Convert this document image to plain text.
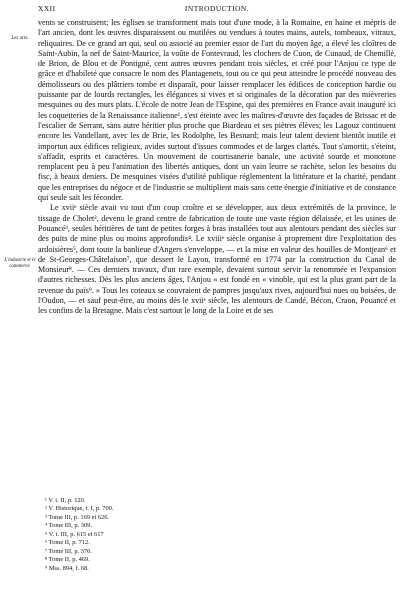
XXII	INTRODUCTION.
Les arts.
L'industrie et le commerce.

vents se construisent; les églises se transforment mais tout d'une mode, à la Romaine, en haine et mépris de l'art ancien, dont les œuvres disparaissent ou mutilées ou vendues à toutes mains, autels, tombeaux, vitraux, reliquaires. De ce grand art qui, seul ou associé au premier essor de l'art du moyen âge, a élevé les cloîtres de Saint-Aubin, la nef de Saint-Maurice, la voûte de Fontevraud, les clochers de Cuon, de Cunaud, de Chemillé, de Brion, de Blou et de Pontigné, cent autres œuvres pendant trois siècles, et créé pour l'Anjou ce type de grâce et d'habileté que consacre le nom des Plantagenets, tout ou ce qui peut atteindre le procédé nouveau des démolisseurs ou des plâtriers tombe et disparaît, pour laisser remplacer les édifices de conception hardie ou puissante par de lourds rectangles, les élégances si vives et si originales de la décoration par des mièvreries mesquines ou des murs plats. L'école de notre Jean de l'Espine, qui des premières en France avait inauguré ici les coquetteries de la Renaissance italienne¹, s'est éteinte avec les maîtres-d'œuvre des façades de Brissac et de l'escalier de Serrant, sans autre héritier plus proche que Biardeau et ses piètres élèves; les Lagouz continuent encore les Vandellant, avec les de Brie, les Rodolphe, les Besnard; mais leur talent devient bientôt inutile et importun aux édifices religieux, avides surtout d'issues commodes et de larges clartés. Tout s'amortit, s'éteint, s'affadit, esprits et caractères. Un mouvement de courtisanerie banale, une activité sourde et monotone remplacent peu à peu l'animation des libertés antiques, dont un vain leurre se rachète, selon les besoins du fisc, à beaux deniers. De mesquines visées d'utilité publique réglementent la littérature et la charité, pendant que les entreprises du négoce et de l'industrie se multiplient mais sans cette énergie d'initiative et de constance qui seule sait les féconder.

Le xviiᵉ siècle avait vu tout d'un coup croître et se développer, aux deux extrémités de la province, le tissage de Cholet², devenu le grand centre de fabrication de toute une vaste région délaissée, et les usines de Pouancé³, seules héritières de tant de petites forges à bras installées tout aux alentours pendant des siècles sur des puits de mine plus ou moins approfondis⁴. Le xviiiᵉ siècle organise à proprement dire l'exploitation des ardoisières⁵, dont toute la banlieue d'Angers s'enveloppe, — et la mise en valeur des houilles de Montjean⁶ et de St-Georges-Châtelaison⁷, que dessert le Layon, transformé en 1774 par la construction du Canal de Monsieur⁸. — Ces derniers travaux, d'un rare exemple, devaient surtout servir la renommée et l'expansion d'autres richesses. Dès les plus anciens âges, l'Anjou « est fondé en « vinoble, qui est la plus grant part de la revenue du païs⁹. » Tous les coteaux se couvraient de pampres jusqu'aux rives, aujourd'hui nues ou boisées, de l'Oudon, — et sauf peut-être, au moins dès le xviiᵉ siècle, les alentours de Candé, Bécon, Craon, Pouancé et les confins de la Bretagne. Mais c'est surtout le long de la Loire et de ses

¹ V. t. II, p. 120.
² V. Historique, t. I, p. 700.
³ Tome III, p. 169 et 626.
⁴ Tome III, p. 309.
⁵ V. t. III, p. 615 et 617
⁶ Tome II, p. 712.
⁷ Tome III, p. 370.
⁸ Tome II, p. 469.
⁹ Mss. 894, f. 68.
